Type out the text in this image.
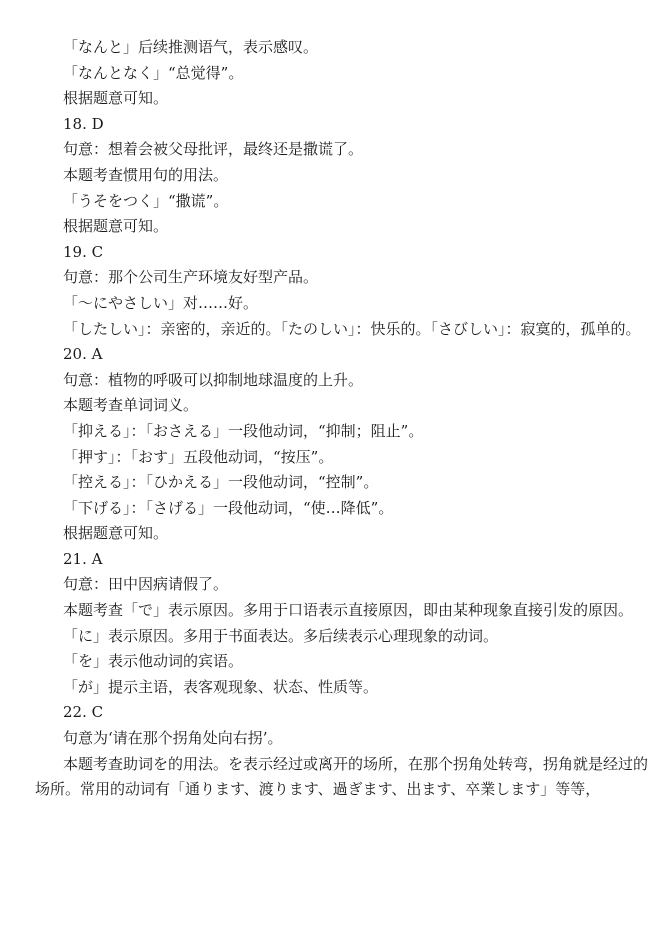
「なんと」后续推测语气，表示感叹。

「なんとなく」“总觉得”。

根据题意可知。

18. D

句意：想着会被父母批评，最终还是撒谎了。

本题考查惯用句的用法。

「うそをつく」“撒谎”。

根据题意可知。

19. C

句意：那个公司生产环境友好型产品。

「～にやさしい」对……好。

「したしい」：亲密的，亲近的。「たのしい」：快乐的。「さびしい」：寂寞的，孤单的。

20. A

句意：植物的呼吸可以抑制地球温度的上升。

本题考查单词词义。

「抑える」：「おさえる」一段他动词，“抑制；阻止”。

「押す」：「おす」五段他动词，“按压”。

「控える」：「ひかえる」一段他动词，“控制”。

「下げる」：「さげる」一段他动词，“使…降低”。

根据题意可知。

21. A

句意：田中因病请假了。

本题考查「で」表示原因。多用于口语表示直接原因，即由某种现象直接引发的原因。

「に」表示原因。多用于书面表达。多后续表示心理现象的动词。

「を」表示他动词的宾语。

「が」提示主语，表客观现象、状态、性质等。

22. C

句意为‘请在那个拐角处向右拐’。

本题考查助词を的用法。を表示经过或离开的场所，在那个拐角处转弯，拐角就是经过的场所。常用的动词有「通ります、渡ります、過ぎます、出ます、卒業します」等等，
